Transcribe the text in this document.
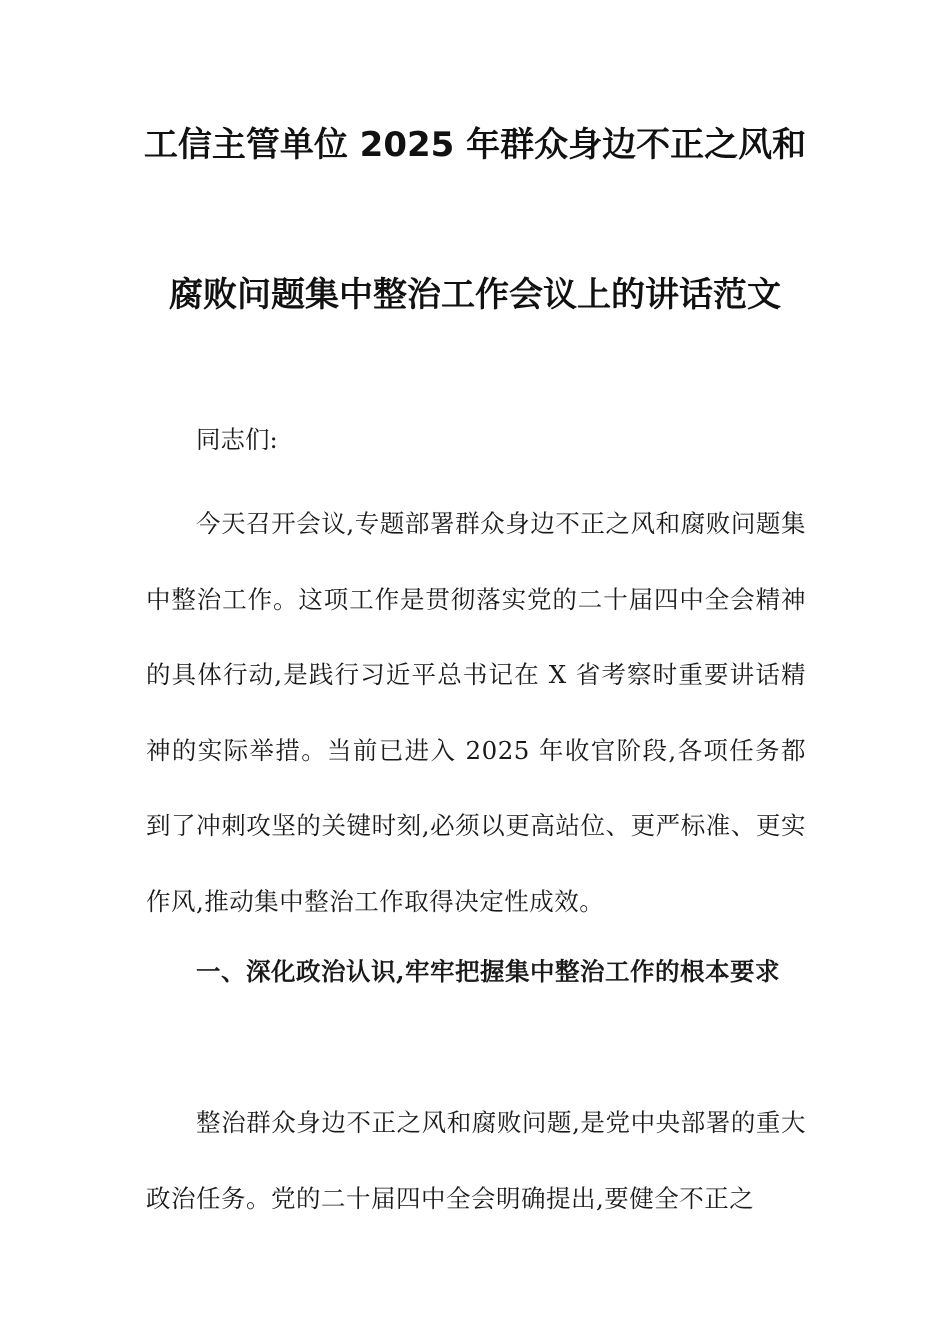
工信主管单位 2025 年群众身边不正之风和
腐败问题集中整治工作会议上的讲话范文
同志们:
今天召开会议,专题部署群众身边不正之风和腐败问题集中整治工作。这项工作是贯彻落实党的二十届四中全会精神的具体行动,是践行习近平总书记在 X 省考察时重要讲话精神的实际举措。当前已进入 2025 年收官阶段,各项任务都到了冲刺攻坚的关键时刻,必须以更高站位、更严标准、更实作风,推动集中整治工作取得决定性成效。
一、深化政治认识,牢牢把握集中整治工作的根本要求
整治群众身边不正之风和腐败问题,是党中央部署的重大政治任务。党的二十届四中全会明确提出,要健全不正之
